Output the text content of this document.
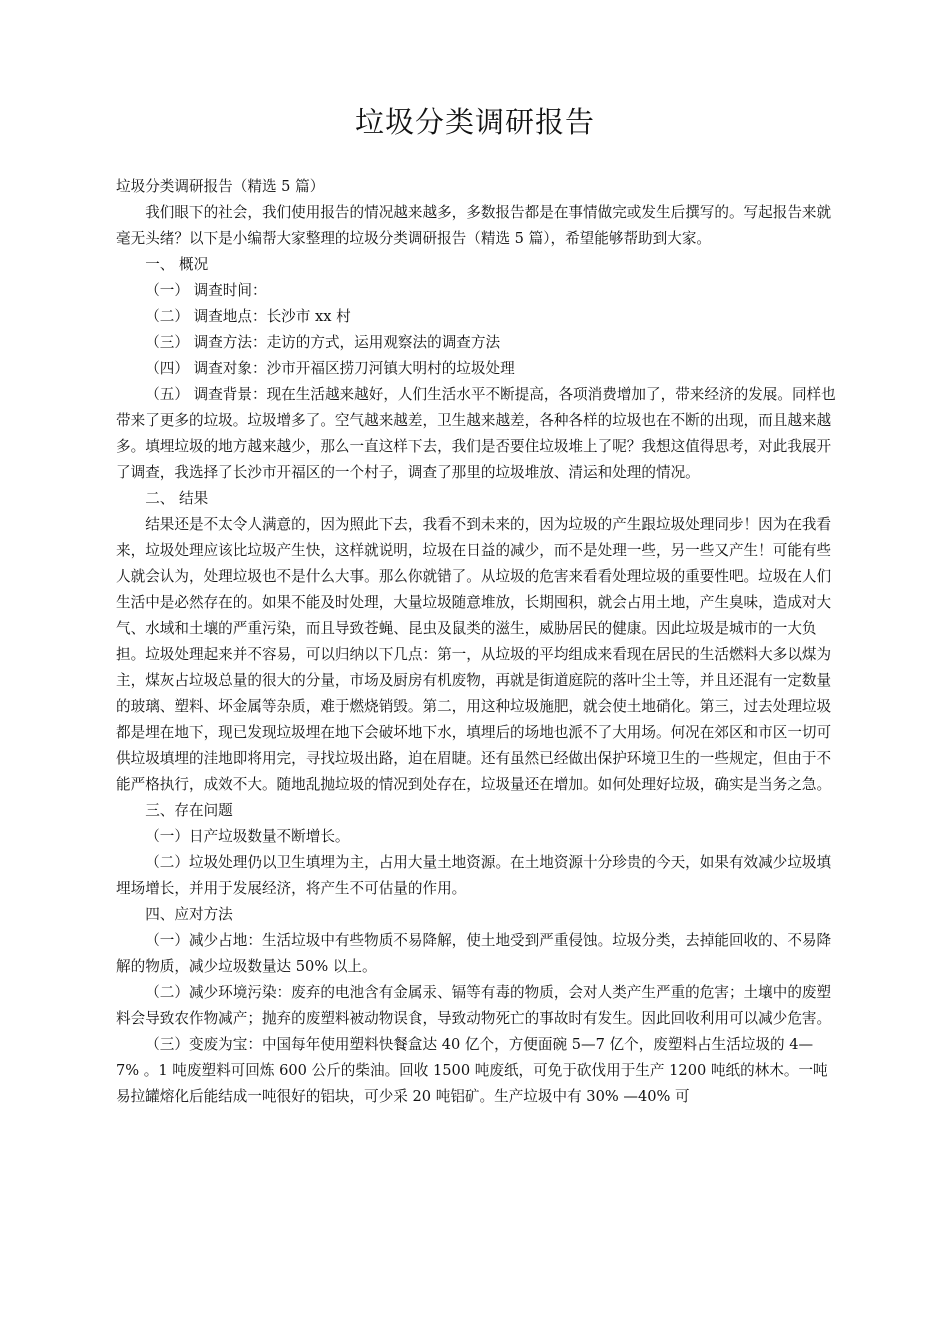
垃圾分类调研报告

垃圾分类调研报告（精选 5 篇）

我们眼下的社会，我们使用报告的情况越来越多，多数报告都是在事情做完或发生后撰写的。写起报告来就毫无头绪？以下是小编帮大家整理的垃圾分类调研报告（精选 5 篇），希望能够帮助到大家。

一、 概况

（一） 调查时间：

（二） 调查地点：长沙市 xx 村

（三） 调查方法：走访的方式，运用观察法的调查方法

（四） 调查对象：沙市开福区捞刀河镇大明村的垃圾处理

（五） 调查背景：现在生活越来越好，人们生活水平不断提高，各项消费增加了，带来经济的发展。同样也带来了更多的垃圾。垃圾增多了。空气越来越差，卫生越来越差，各种各样的垃圾也在不断的出现，而且越来越多。填埋垃圾的地方越来越少，那么一直这样下去，我们是否要住垃圾堆上了呢？我想这值得思考，对此我展开了调查，我选择了长沙市开福区的一个村子，调查了那里的垃圾堆放、清运和处理的情况。

二、 结果

结果还是不太令人满意的，因为照此下去，我看不到未来的，因为垃圾的产生跟垃圾处理同步！因为在我看来，垃圾处理应该比垃圾产生快，这样就说明，垃圾在日益的减少，而不是处理一些，另一些又产生！可能有些人就会认为，处理垃圾也不是什么大事。那么你就错了。从垃圾的危害来看看处理垃圾的重要性吧。垃圾在人们生活中是必然存在的。如果不能及时处理，大量垃圾随意堆放，长期囤积，就会占用土地，产生臭味，造成对大气、水域和土壤的严重污染，而且导致苍蝇、昆虫及鼠类的滋生，威胁居民的健康。因此垃圾是城市的一大负担。垃圾处理起来并不容易，可以归纳以下几点：第一，从垃圾的平均组成来看现在居民的生活燃料大多以煤为主，煤灰占垃圾总量的很大的分量，市场及厨房有机废物，再就是街道庭院的落叶尘土等，并且还混有一定数量的玻璃、塑料、坏金属等杂质，难于燃烧销毁。第二，用这种垃圾施肥，就会使土地硝化。第三，过去处理垃圾都是埋在地下，现已发现垃圾埋在地下会破坏地下水，填埋后的场地也派不了大用场。何况在郊区和市区一切可供垃圾填埋的洼地即将用完，寻找垃圾出路，迫在眉睫。还有虽然已经做出保护环境卫生的一些规定，但由于不能严格执行，成效不大。随地乱抛垃圾的情况到处存在，垃圾量还在增加。如何处理好垃圾，确实是当务之急。

三、存在问题

（一）日产垃圾数量不断增长。

（二）垃圾处理仍以卫生填埋为主，占用大量土地资源。在土地资源十分珍贵的今天，如果有效减少垃圾填埋场增长，并用于发展经济，将产生不可估量的作用。

四、应对方法

（一）减少占地：生活垃圾中有些物质不易降解，使土地受到严重侵蚀。垃圾分类，去掉能回收的、不易降解的物质，减少垃圾数量达 50% 以上。

（二）减少环境污染：废弃的电池含有金属汞、镉等有毒的物质，会对人类产生严重的危害；土壤中的废塑料会导致农作物减产；抛弃的废塑料被动物误食，导致动物死亡的事故时有发生。因此回收利用可以减少危害。

（三）变废为宝：中国每年使用塑料快餐盒达 40 亿个，方便面碗 5—7 亿个，废塑料占生活垃圾的 4—7% 。1 吨废塑料可回炼 600 公斤的柴油。回收 1500 吨废纸，可免于砍伐用于生产 1200 吨纸的林木。一吨易拉罐熔化后能结成一吨很好的铝块，可少采 20 吨铝矿。生产垃圾中有 30% —40% 可
